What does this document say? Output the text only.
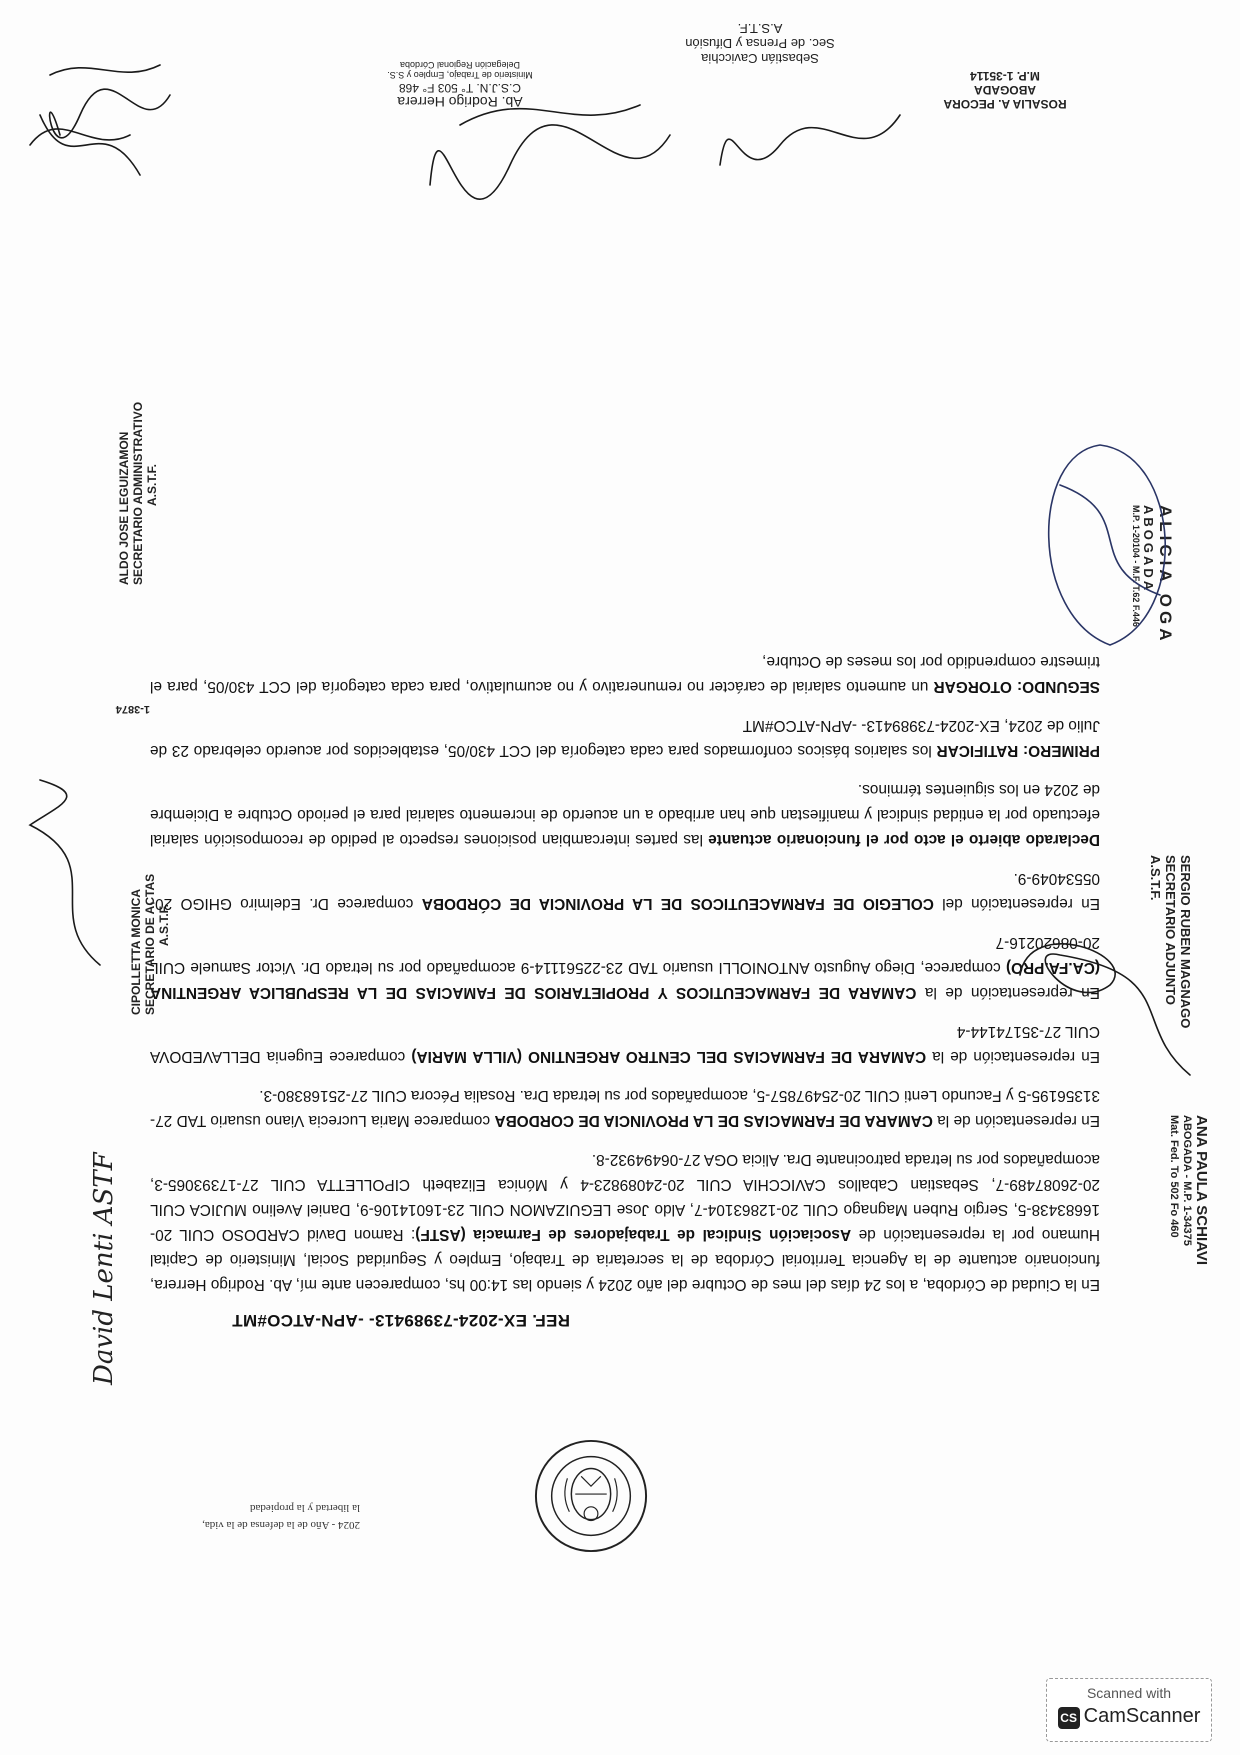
2024 - Año de la defensa de la vida,
la libertad y la propiedad
REF. EX-2024-73989413- -APN-ATCO#MT

En la Ciudad de Córdoba, a los 24 días del mes de Octubre del año 2024 y siendo las 14:00 hs, comparecen ante mí, Ab. Rodrigo Herrera, funcionario actuante de la Agencia Territorial Córdoba de la secretaria de Trabajo, Empleo y Seguridad Social, Ministerio de Capital Humano por la representación de Asociación Sindical de Trabajadores de Farmacia (ASTF): Ramon David CARDOSO CUIL 20-16683438-5, Sergio Ruben Magnago CUIL 20-12863104-7, Aldo Jose LEGUIZAMON CUIL 23-16014106-9, Daniel Avelino MUJICA CUIL 20-26087489-7, Sebastian Caballos CAVICCHIA CUIL 20-24089823-4 y Mónica Elizabeth CIPOLLETTA CUIL 27-17393065-3, acompañados por su letrada patrocinante Dra. Alicia OGA 27-06494932-8.

En representación de la CAMARA DE FARMACIAS DE LA PROVINCIA DE CORDOBA comparece Maria Lucrecia Viano usuario TAD 27-31356195-5 y Facundo Lenti CUIL 20-25497857-5, acompañados por su letrada Dra. Rosalia Pécora CUIL 27-25168380-3.

En representación de la CAMARA DE FARMACIAS DEL CENTRO ARGENTINO (VILLA MARIA) comparece Eugenia DELLAVEDOVA CUIL 27-35174144-4

En representación de la CAMARA DE FARMACEUTICOS Y PROPIETARIOS DE FAMACIAS DE LA RESPUBLICA ARGENTINA (CA.FA.PRO) comparece, Diego Augusto ANTONIOLLI usuario TAD 23-22561114-9 acompañado por su letrado Dr. Victor Samuele CUIL 20-08620216-7

En representación del COLEGIO DE FARMACEUTICOS DE LA PROVINCIA DE CÓRDOBA comparece Dr. Edelmiro GHIGO 20-05534049-9.

Declarado abierto el acto por el funcionario actuante las partes intercambian posiciones respecto al pedido de recomposición salarial efectuado por la entidad sindical y manifiestan que han arribado a un acuerdo de incremento salarial para el periodo Octubre a Diciembre de 2024 en los siguientes términos.

PRIMERO: RATIFICAR los salarios básicos conformados para cada categoría del CCT 430/05, establecidos por acuerdo celebrado 23 de Julio de 2024, EX-2024-73989413- -APN-ATCO#MT

SEGUNDO: OTORGAR un aumento salarial de carácter no remunerativo y no acumulativo, para cada categoría del CCT 430/05, para el trimestre comprendido por los meses de Octubre,

ANA PAULA SCHIAVI
ABOGADA - M.P. 1-34375
Mat. Fed. To 502 Fo 460
SERGIO RUBEN MAGNAGO
SECRETARIO ADJUNTO
A.S.T.F.
CIPOLLETTA MONICA SECRETARIO DE ACTAS A.S.T.F.
ALICIA OGA
ABOGADA
M.P. 1-20104 - M.F. T.62 F.446
ALDO JOSE LEGUIZAMON SECRETARIO ADMINISTRATIVO A.S.T.F.
Ab. Rodrigo Herrera
C.S.J.N. T° 503 F° 468
Ministerio de Trabajo, Empleo y S.S.
Delegación Regional Córdoba
ROSALIA A. PECORA
ABOGADA
M.P. 1-35114
Sebastián Cavicchia
Sec. de Prensa y Difusión
A.S.T.F.
1-3874
David Lenti ASTF
Scanned with
CS CamScanner
